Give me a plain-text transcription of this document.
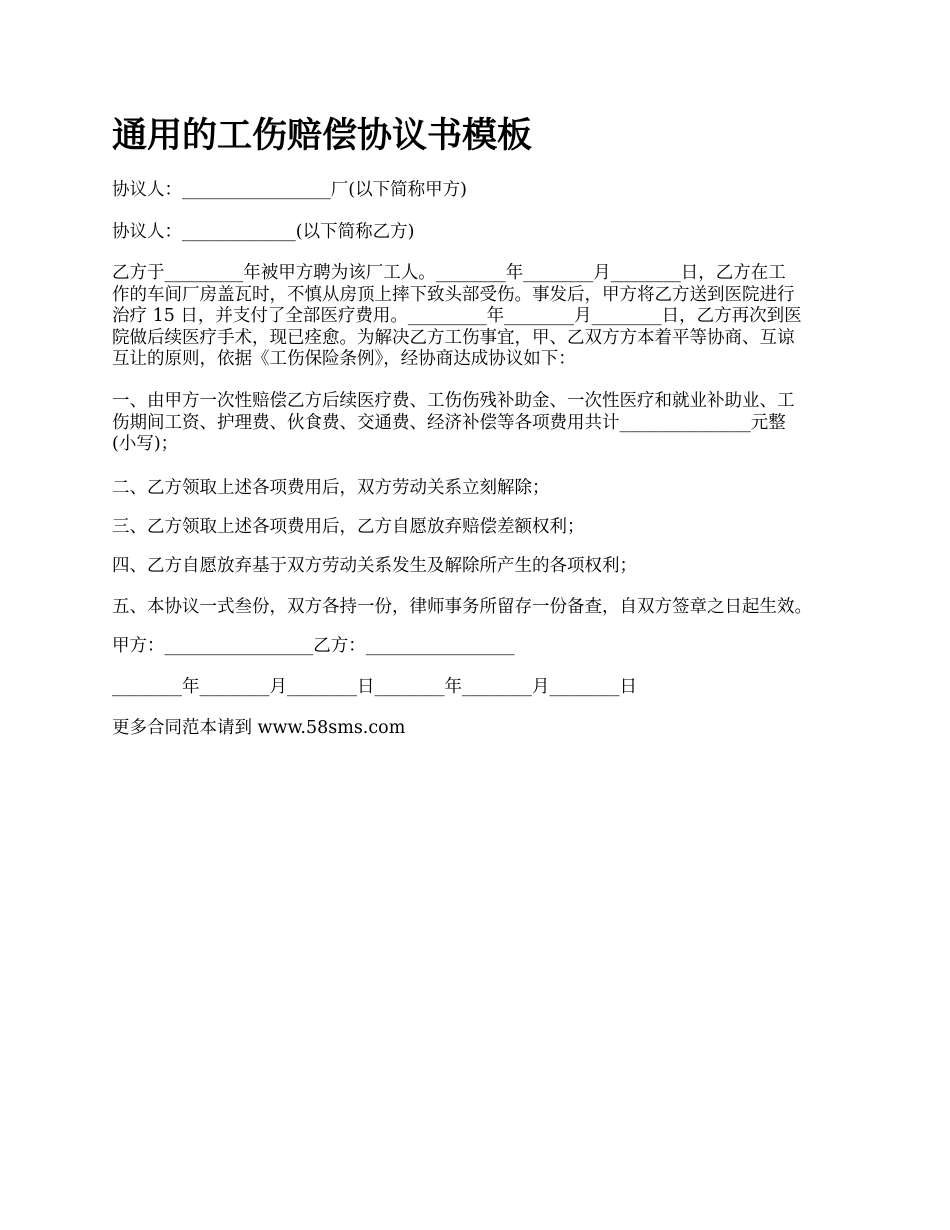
通用的工伤赔偿协议书模板

协议人：_________________厂(以下简称甲方)

协议人：_____________(以下简称乙方)

乙方于_________年被甲方聘为该厂工人。________年________月________日，乙方在工
作的车间厂房盖瓦时，不慎从房顶上摔下致头部受伤。事发后，甲方将乙方送到医院进行
治疗 15 日，并支付了全部医疗费用。_________年________月________日，乙方再次到医
院做后续医疗手术，现已痊愈。为解决乙方工伤事宜，甲、乙双方方本着平等协商、互谅
互让的原则，依据《工伤保险条例》，经协商达成协议如下：
一、由甲方一次性赔偿乙方后续医疗费、工伤伤残补助金、一次性医疗和就业补助业、工
伤期间工资、护理费、伙食费、交通费、经济补偿等各项费用共计_______________元整
(小写)；

二、乙方领取上述各项费用后，双方劳动关系立刻解除；

三、乙方领取上述各项费用后，乙方自愿放弃赔偿差额权利；

四、乙方自愿放弃基于双方劳动关系发生及解除所产生的各项权利；

五、本协议一式叁份，双方各持一份，律师事务所留存一份备查，自双方签章之日起生效。

甲方：_________________乙方：_________________

________年________月________日________年________月________日

更多合同范本请到 www.58sms.com
